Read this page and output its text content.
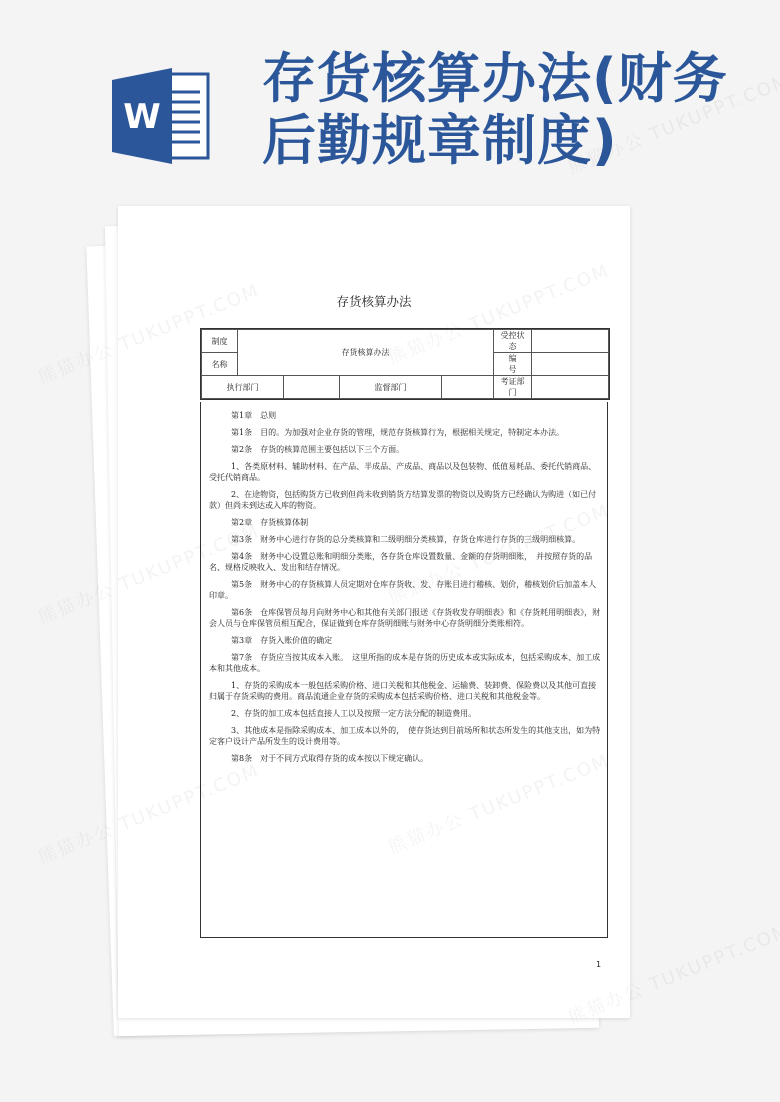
W
存货核算办法(财务后勤规章制度)
存货核算办法
制度	存货核算办法				受控状态	
名称					编　　号	
执行部门			监督部门		考证部门	

第1章　总则

第1条　目的。为加强对企业存货的管理，规范存货核算行为，根据相关规定，特制定本办法。

第2条　存货的核算范围主要包括以下三个方面。

1、各类原材料、辅助材料、在产品、半成品、产成品、商品以及包装物、低值易耗品、委托代销商品、受托代销商品。

2、在途物资，包括购货方已收到但尚未收到销货方结算发票的物资以及购货方已经确认为购进（如已付款）但尚未到达或入库的物资。

第2章　存货核算体制

第3条　财务中心进行存货的总分类核算和二级明细分类核算，存货仓库进行存货的三级明细核算。

第4条　财务中心设置总账和明细分类账，各存货仓库设置数量、金额的存货明细账，　并按照存货的品名、规格反映收入、发出和结存情况。

第5条　财务中心的存货核算人员定期对仓库存货收、发、存账目进行稽核、划价，稽核划价后加盖本人印章。

第6条　仓库保管员每月向财务中心和其他有关部门报送《存货收发存明细表》和《存货耗用明细表》，财会人员与仓库保管员相互配合，保证做到仓库存货明细账与财务中心存货明细分类账相符。

第3章　存货入账价值的确定

第7条　存货应当按其成本入账。　这里所指的成本是存货的历史成本或实际成本，包括采购成本、加工成本和其他成本。

1、存货的采购成本一般包括采购价格、进口关税和其他税金、运输费、装卸费、保险费以及其他可直接归属于存货采购的费用。商品流通企业存货的采购成本包括采购价格、进口关税和其他税金等。

2、存货的加工成本包括直接人工以及按照一定方法分配的制造费用。

3、其他成本是指除采购成本、加工成本以外的，　使存货达到目前场所和状态所发生的其他支出，如为特定客户设计产品所发生的设计费用等。

第8条　对于不同方式取得存货的成本按以下规定确认。

1
